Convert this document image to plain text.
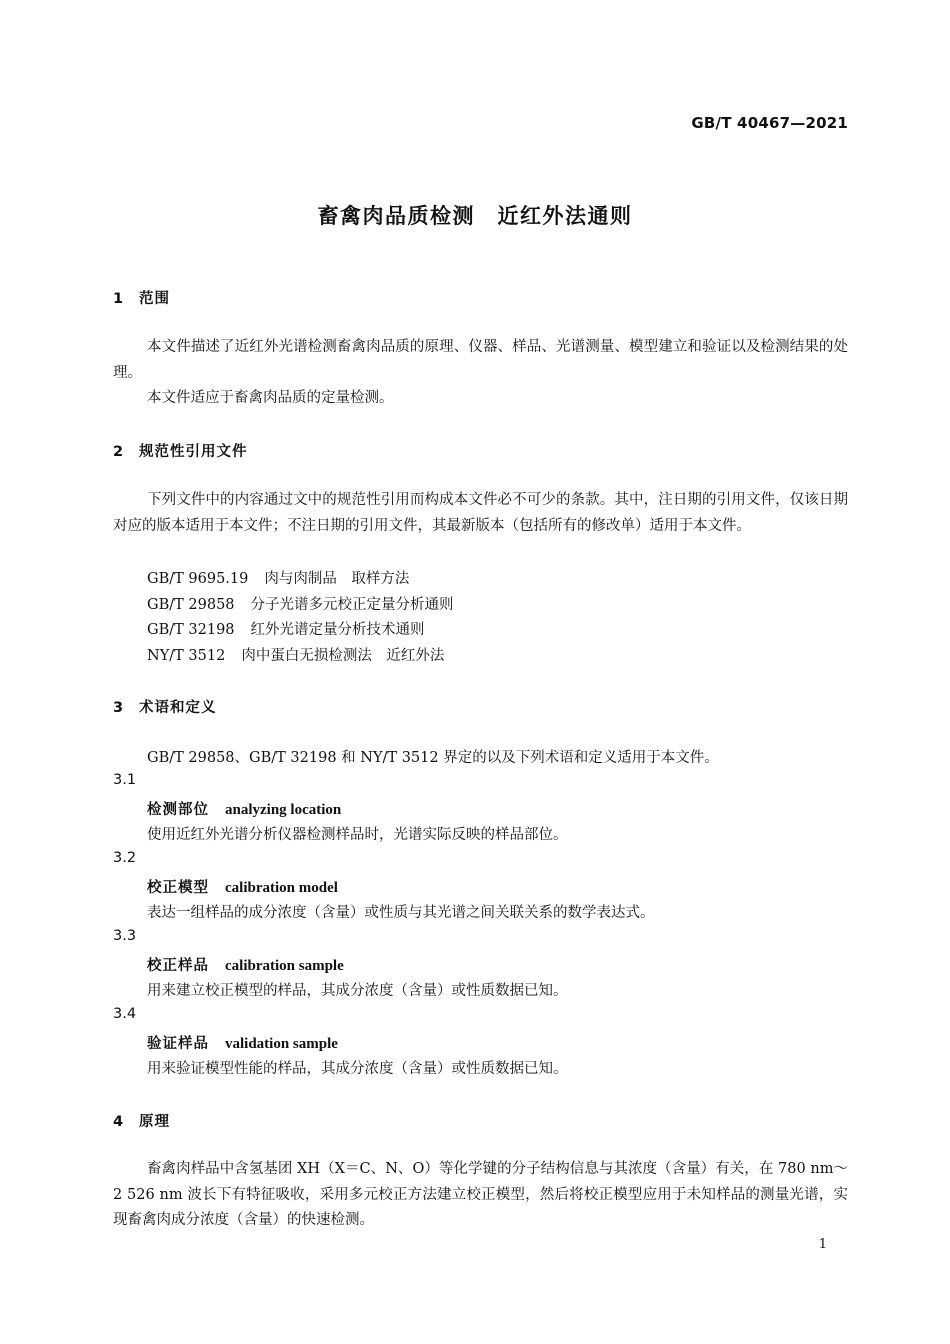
GB/T 40467—2021
畜禽肉品质检测　近红外法通则
1 范围

本文件描述了近红外光谱检测畜禽肉品质的原理、仪器、样品、光谱测量、模型建立和验证以及检测结果的处理。

本文件适应于畜禽肉品质的定量检测。

2 规范性引用文件

下列文件中的内容通过文中的规范性引用而构成本文件必不可少的条款。其中，注日期的引用文件，仅该日期对应的版本适用于本文件；不注日期的引用文件，其最新版本（包括所有的修改单）适用于本文件。

GB/T 9695.19 肉与肉制品　取样方法
GB/T 29858 分子光谱多元校正定量分析通则
GB/T 32198 红外光谱定量分析技术通则
NY/T 3512 肉中蛋白无损检测法　近红外法
3 术语和定义
GB/T 29858、GB/T 32198 和 NY/T 3512 界定的以及下列术语和定义适用于本文件。
3.1
检测部位 analyzing location
使用近红外光谱分析仪器检测样品时，光谱实际反映的样品部位。
3.2
校正模型 calibration model
表达一组样品的成分浓度（含量）或性质与其光谱之间关联关系的数学表达式。
3.3
校正样品 calibration sample
用来建立校正模型的样品，其成分浓度（含量）或性质数据已知。
3.4
验证样品 validation sample
用来验证模型性能的样品，其成分浓度（含量）或性质数据已知。
4 原理

畜禽肉样品中含氢基团 XH（X＝C、N、O）等化学键的分子结构信息与其浓度（含量）有关，在 780 nm～2 526 nm 波长下有特征吸收，采用多元校正方法建立校正模型，然后将校正模型应用于未知样品的测量光谱，实现畜禽肉成分浓度（含量）的快速检测。

1
